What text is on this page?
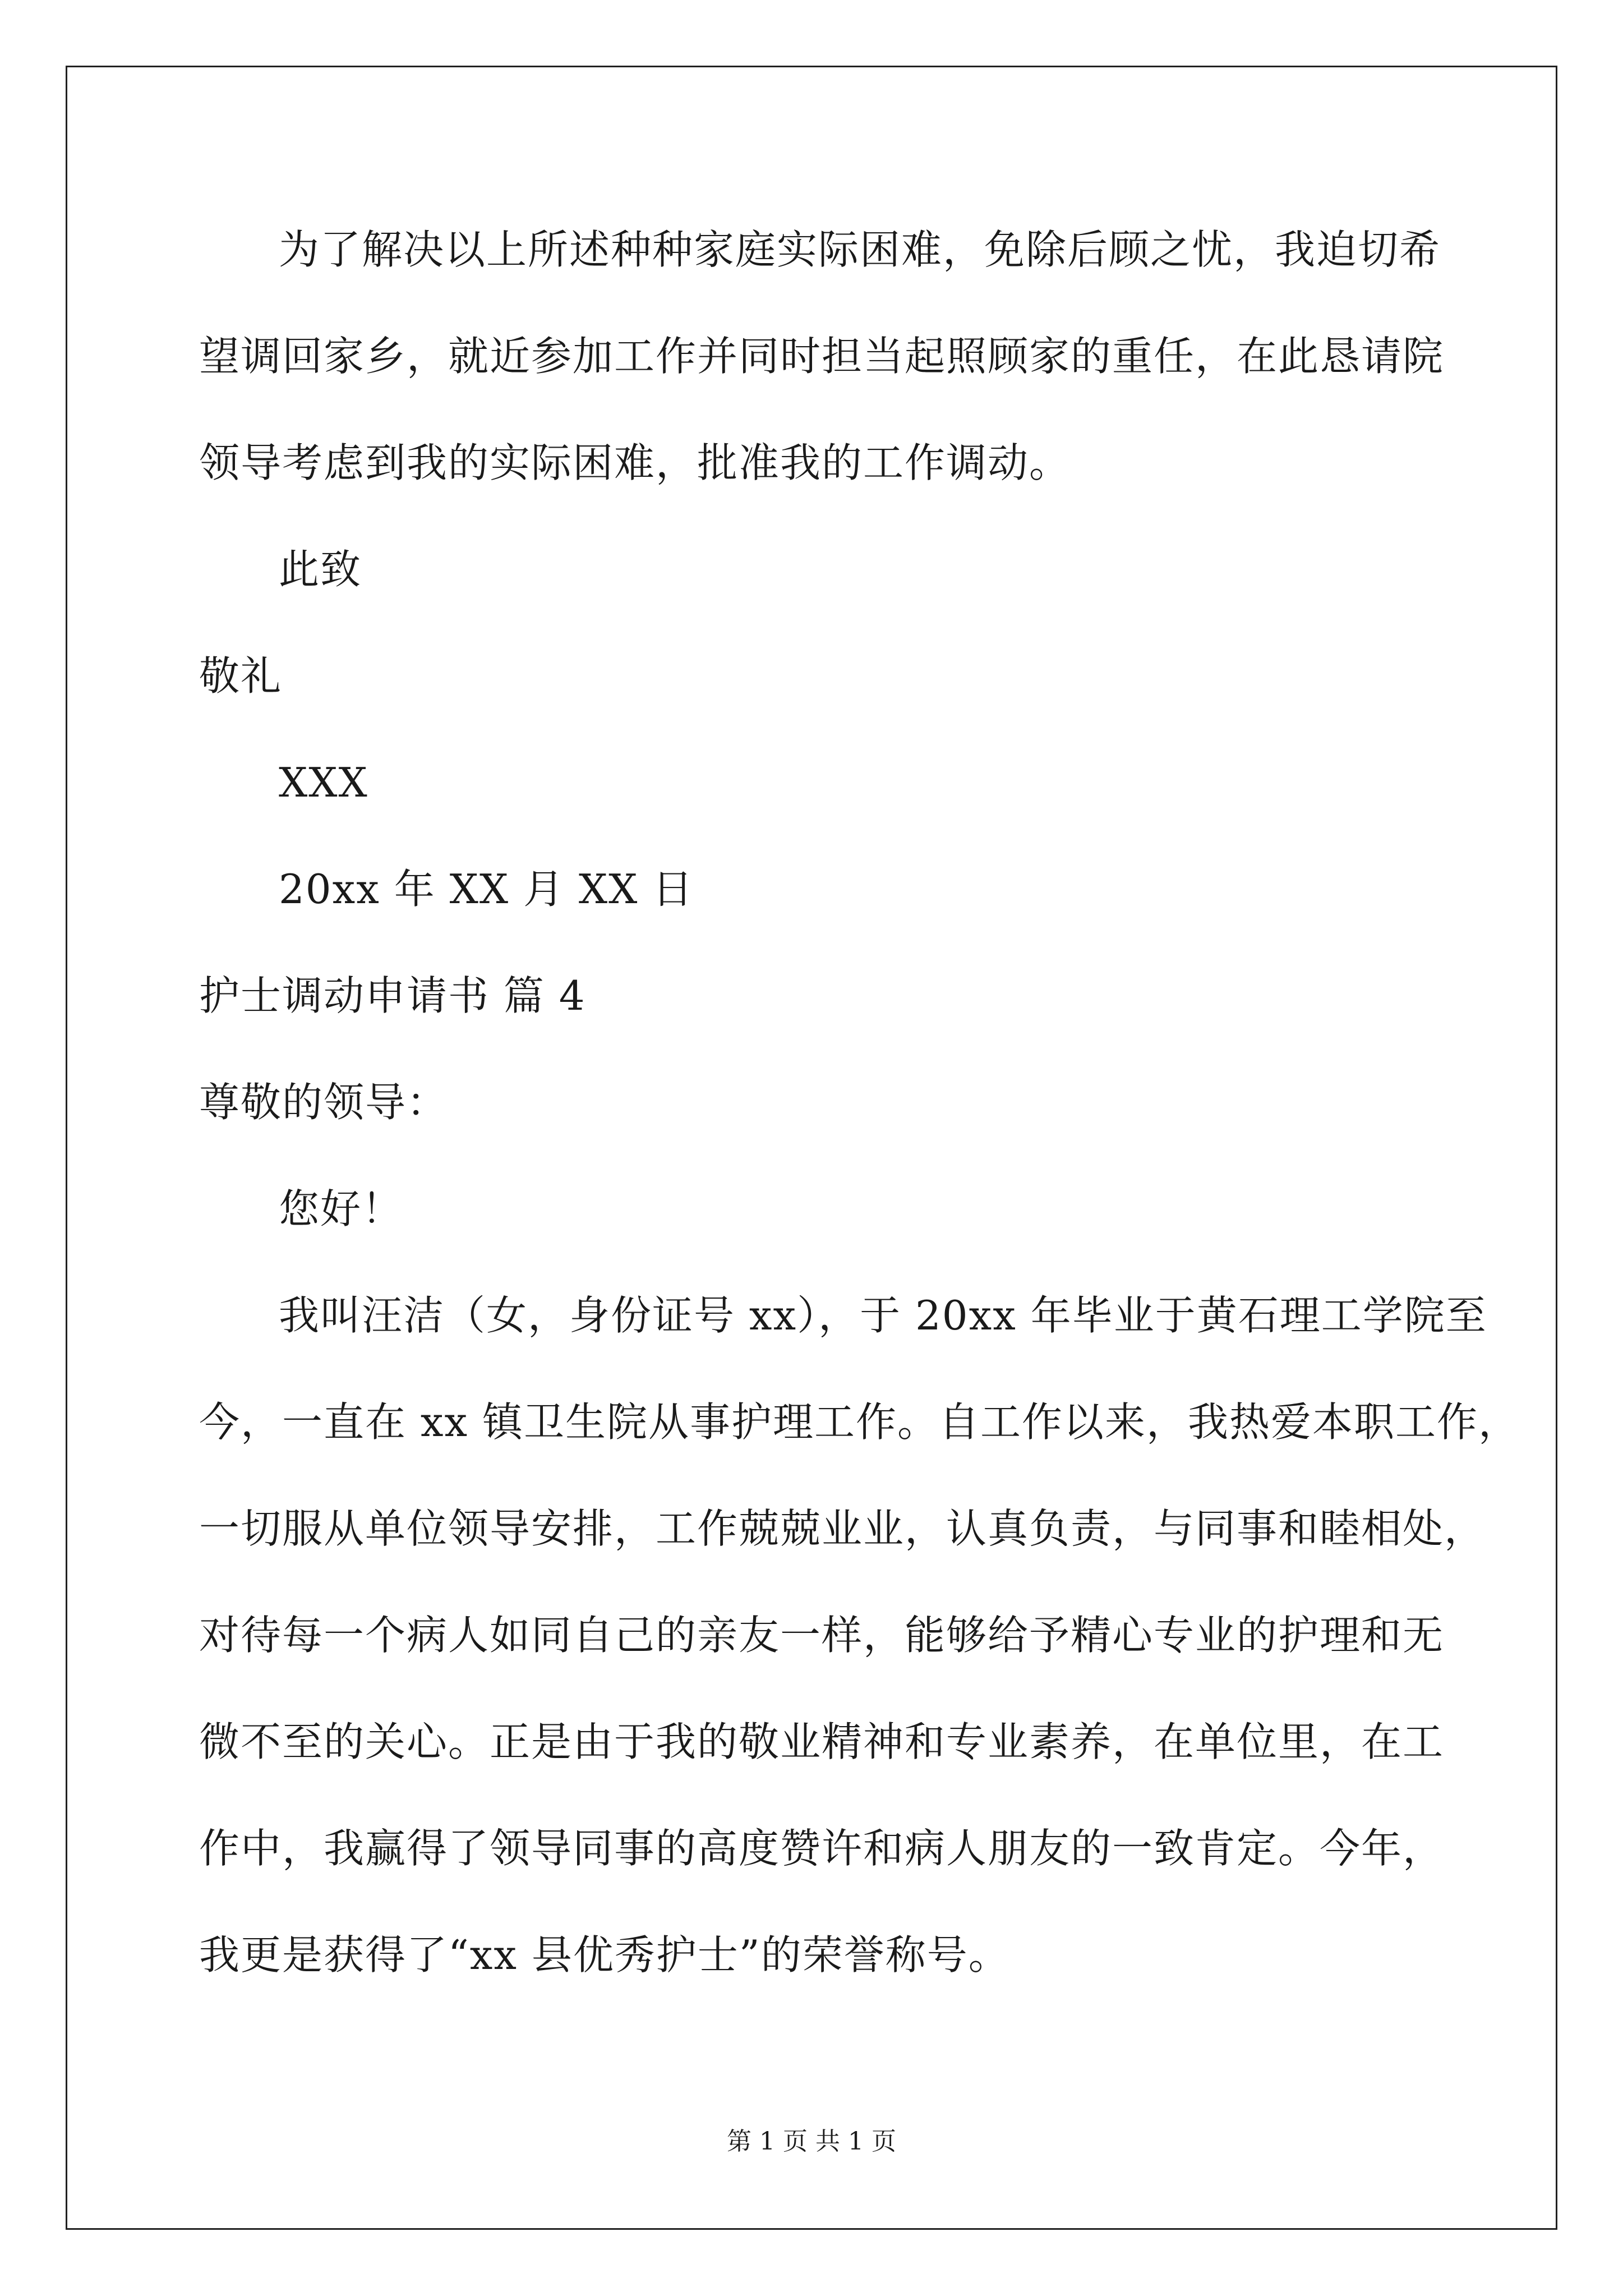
为了解决以上所述种种家庭实际困难，免除后顾之忧，我迫切希
望调回家乡，就近参加工作并同时担当起照顾家的重任，在此恳请院
领导考虑到我的实际困难，批准我的工作调动。
此致
敬礼
XXX
20xx 年 XX 月 XX 日
护士调动申请书 篇 4
尊敬的领导：
您好！
我叫汪洁（女，身份证号 xx），于 20xx 年毕业于黄石理工学院至
今，一直在 xx 镇卫生院从事护理工作。自工作以来，我热爱本职工作，
一切服从单位领导安排，工作兢兢业业，认真负责，与同事和睦相处，
对待每一个病人如同自己的亲友一样，能够给予精心专业的护理和无
微不至的关心。正是由于我的敬业精神和专业素养，在单位里，在工
作中，我赢得了领导同事的高度赞许和病人朋友的一致肯定。今年，
我更是获得了“xx 县优秀护士”的荣誉称号。
第 1 页 共 1 页
